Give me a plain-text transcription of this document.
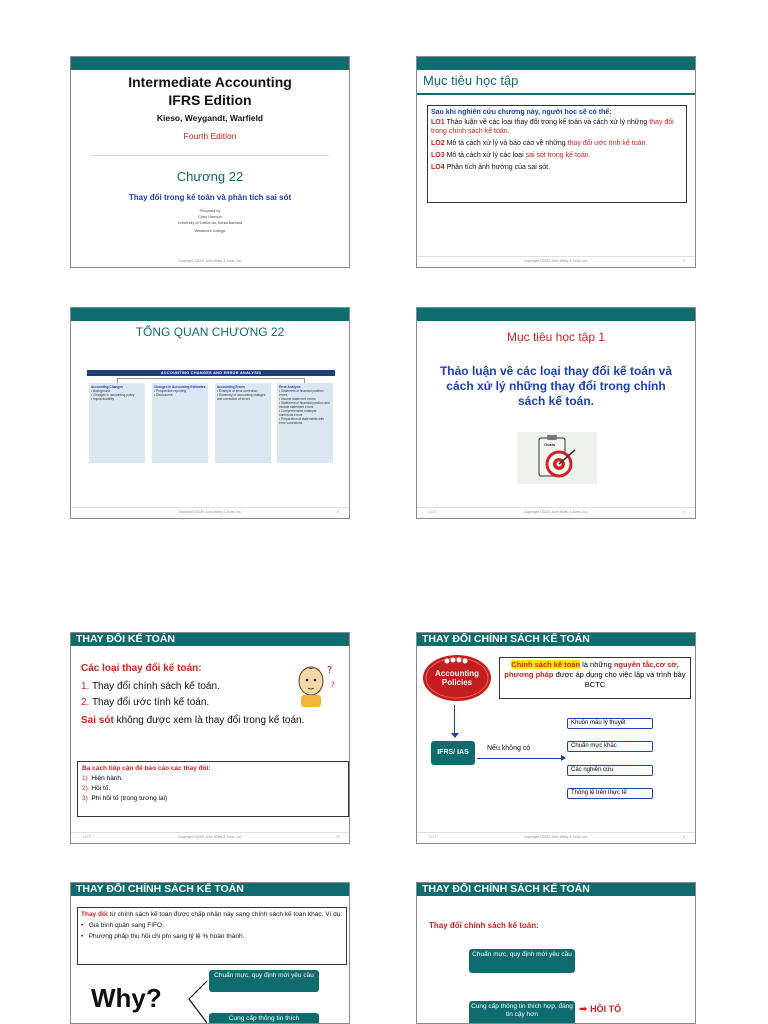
Intermediate Accounting
IFRS Edition
Kieso, Weygandt, Warfield
Fourth Edition
Chương 22
Thay đổi trong kế toán và phân tích sai sót
Prepared by
Coby Harmon
University of California, Santa Barbara
Westmont College
Copyright ©2020 John Wiley & Sons, Inc.
Mục tiêu học tập
Sau khi nghiên cứu chương này, người học sẽ có thể:
LO1 Thảo luận về các loại thay đổi trong kế toán và cách xử lý những thay đổi trong chính sách kế toán.
LO2 Mô tả cách xử lý và báo cáo về những thay đổi ước tính kế toán.
LO3 Mô tả cách xử lý các loại sai sót trong kế toán.
LO4 Phân tích ảnh hưởng của sai sót.
Copyright ©2020 John Wiley & Sons, Inc.	2
TỔNG QUAN CHƯƠNG 22
ACCOUNTING CHANGES AND ERROR ANALYSIS
Accounting Changes
• Background
• Changes in accounting policy
• Impracticability
Changes in Accounting Estimates
• Prospective reporting
• Disclosures
Accounting Errors
• Example of error correction
• Summary of accounting changes and correction of errors
Error Analysis
• Statement of financial position errors
• Income statement errors
• Statement of financial position and income statement errors
• Comprehensive example: numerous errors
• Preparation of statements with error corrections
Copyright ©2020 John Wiley & Sons, Inc.	3
Mục tiêu học tập 1
Thảo luận về các loại thay đổi kế toán và cách xử lý những thay đổi trong chính sách kế toán.
Goals
LO 1	Copyright ©2020 John Wiley & Sons, Inc.	4
THAY ĐỔI KẾ TOÁN
Các loại thay đổi kế toán:
1. Thay đổi chính sách kế toán.
2. Thay đổi ước tính kế toán.
Sai sót không được xem là thay đổi trong kế toán.
?
?
Ba cách tiếp cận để báo cáo các thay đổi:
1) Hiện hành.
2) Hồi tố.
3) Phi hồi tố (trong tương lai)
LO 1	Copyright ©2020 John Wiley & Sons, Inc.	5
THAY ĐỔI CHÍNH SÁCH KẾ TOÁN
Accounting
Policies
Chính sách kế toán là những nguyên tắc,cơ sở, phương pháp được áp dụng cho việc lập và trình bày BCTC
IFRS/ IAS
Nếu không có
Khuôn mẫu lý thuyết
Chuẩn mực khác
Các nghiên cứu
Thông lệ trên thực tế
LO 1	Copyright ©2020 John Wiley & Sons, Inc.	6
THAY ĐỔI CHÍNH SÁCH KẾ TOÁN
Thay đổi từ chính sách kế toán được chấp nhận này sang chính sách kế toán khác. Ví dụ:
•   Giá bình quân sang FIFO.
•   Phương pháp thu hồi chi phí sang tỷ lệ % hoàn thành.
Why?
Chuẩn mực, quy định mới yêu cầu
Cung cấp thông tin thích
THAY ĐỔI CHÍNH SÁCH KẾ TOÁN
Thay đổi chính sách kế toán:
Chuẩn mực, quy định mới yêu cầu
Cung cấp thông tin thích hợp, đáng tin cậy hơn	➡ HỒI TỐ
